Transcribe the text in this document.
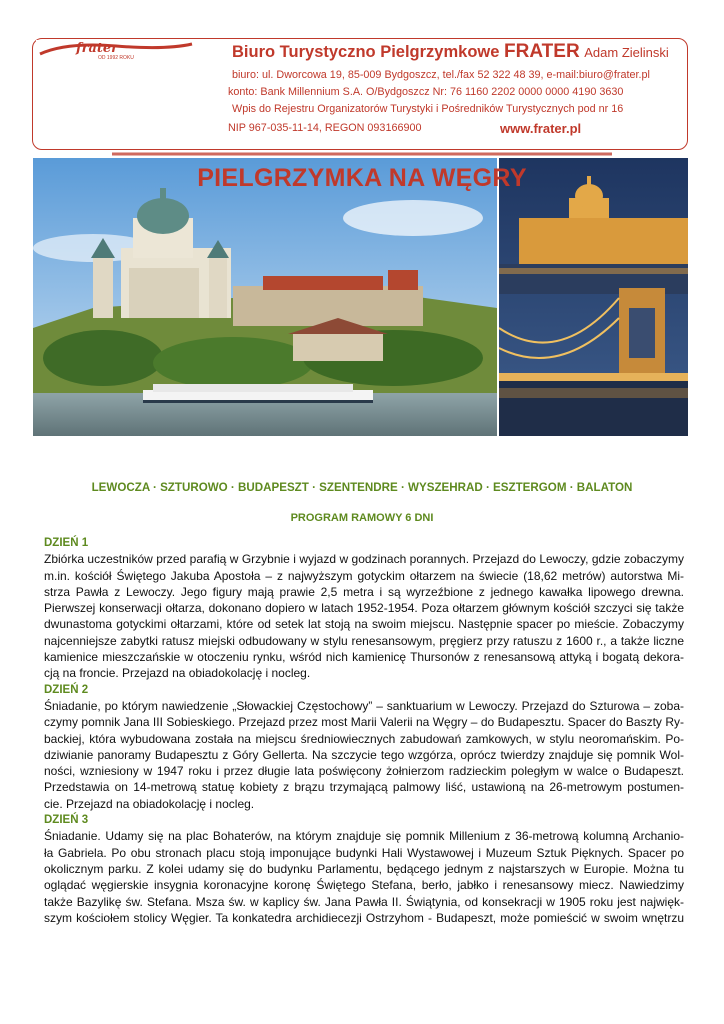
frater
OD 1992 ROKU	Biuro Turystyczno Pielgrzymkowe FRATER Adam Zielinski
biuro: ul. Dworcowa 19, 85-009 Bydgoszcz, tel./fax 52 322 48 39, e-mail:biuro@frater.pl
konto: Bank Millennium S.A. O/Bydgoszcz Nr: 76 1160 2202 0000 0000 4190 3630
Wpis do Rejestru Organizatorów Turystyki i Pośredników Turystycznych pod nr 16
NIP 967-035-11-14, REGON 093166900	www.frater.pl
PIELGRZYMKA NA WĘGRY
LEWOCZA · SZTUROWO · BUDAPESZT · SZENTENDRE · WYSZEHRAD · ESZTERGOM · BALATON
PROGRAM RAMOWY 6 DNI
DZIEŃ 1

Zbiórka uczestników przed parafią w Grzybnie i wyjazd w godzinach porannych. Przejazd do Lewoczy, gdzie zobaczymy
m.in. kościół Świętego Jakuba Apostoła – z najwyższym gotyckim ołtarzem na świecie (18,62 metrów) autorstwa Mi-
strza Pawła z Lewoczy. Jego figury mają prawie 2,5 metra i są wyrzeźbione z jednego kawałka lipowego drewna.
Pierwszej konserwacji ołtarza, dokonano dopiero w latach 1952-1954. Poza ołtarzem głównym kościół szczyci się także
dwunastoma gotyckimi ołtarzami, które od setek lat stoją na swoim miejscu. Następnie spacer po mieście. Zobaczymy
najcenniejsze zabytki ratusz miejski odbudowany w stylu renesansowym, pręgierz przy ratuszu z 1600 r., a także liczne
kamienice mieszczańskie w otoczeniu rynku, wśród nich kamienicę Thursonów z renesansową attyką i bogatą dekora-
cją na froncie. Przejazd na obiadokolację i nocleg.

DZIEŃ 2

Śniadanie, po którym nawiedzenie „Słowackiej Częstochowy” – sanktuarium w Lewoczy. Przejazd do Szturowa – zoba-
czymy pomnik Jana III Sobieskiego. Przejazd przez most Marii Valerii na Węgry – do Budapesztu. Spacer do Baszty Ry-
backiej, która wybudowana została na miejscu średniowiecznych zabudowań zamkowych, w stylu neoromańskim. Po-
dziwianie panoramy Budapesztu z Góry Gellerta. Na szczycie tego wzgórza, oprócz twierdzy znajduje się pomnik Wol-
ności, wzniesiony w 1947 roku i przez długie lata poświęcony żołnierzom radzieckim poległym w walce o Budapeszt.
Przedstawia on 14-metrową statuę kobiety z brązu trzymającą palmowy liść, ustawioną na 26-metrowym postumen-
cie. Przejazd na obiadokolację i nocleg.

DZIEŃ 3

Śniadanie. Udamy się na plac Bohaterów, na którym znajduje się pomnik Millenium z 36-metrową kolumną Archanio-
ła Gabriela. Po obu stronach placu stoją imponujące budynki Hali Wystawowej i Muzeum Sztuk Pięknych. Spacer po
okolicznym parku. Z kolei udamy się do budynku Parlamentu, będącego jednym z najstarszych w Europie. Można tu
oglądać węgierskie insygnia koronacyjne koronę Świętego Stefana, berło, jabłko i renesansowy miecz. Nawiedzimy
także Bazylikę św. Stefana. Msza św. w kaplicy św. Jana Pawła II. Świątynia, od konsekracji w 1905 roku jest najwięk-
szym kościołem stolicy Węgier. Ta konkatedra archidiecezji Ostrzyhom - Budapeszt, może pomieścić w swoim wnętrzu
